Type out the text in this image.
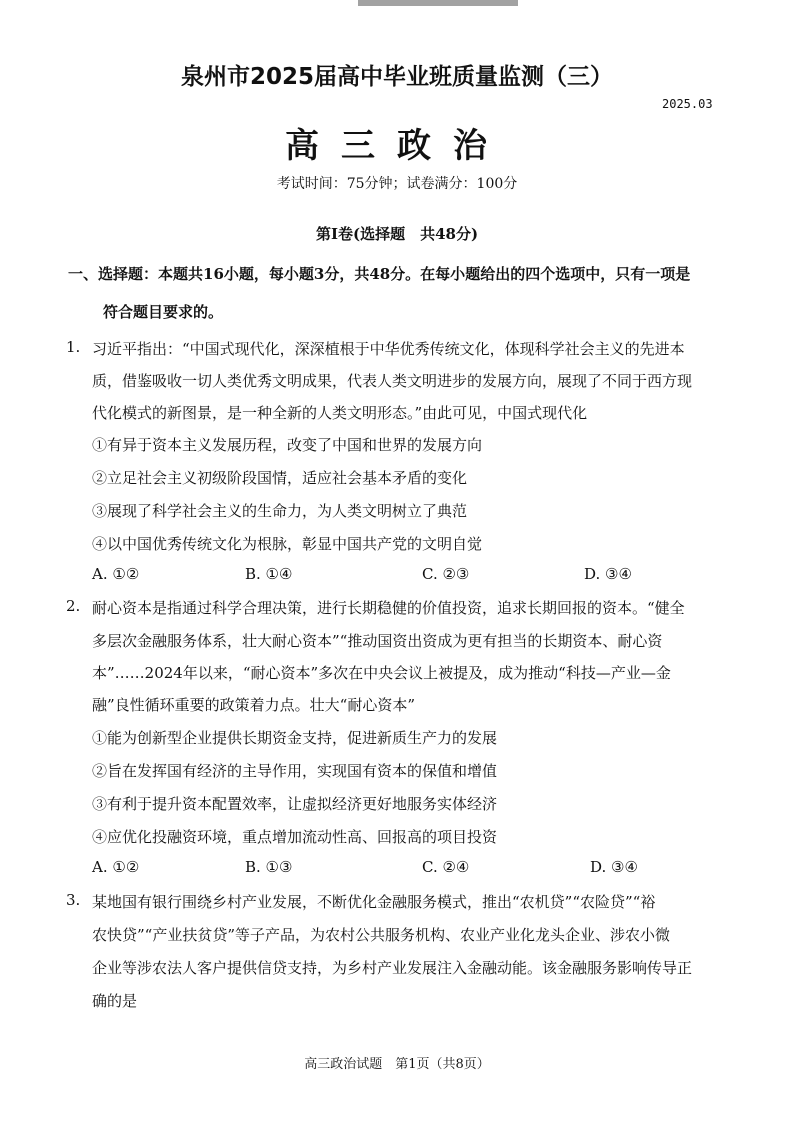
泉州市2025届高中毕业班质量监测（三）
2025.03
高三政治
考试时间：75分钟；试卷满分：100分
第Ⅰ卷(选择题　共48分)
一、选择题：本题共16小题，每小题3分，共48分。在每小题给出的四个选项中，只有一项是
符合题目要求的。
1. 习近平指出：“中国式现代化，深深植根于中华优秀传统文化，体现科学社会主义的先进本
质，借鉴吸收一切人类优秀文明成果，代表人类文明进步的发展方向，展现了不同于西方现
代化模式的新图景，是一种全新的人类文明形态。”由此可见，中国式现代化
①有异于资本主义发展历程，改变了中国和世界的发展方向
②立足社会主义初级阶段国情，适应社会基本矛盾的变化
③展现了科学社会主义的生命力，为人类文明树立了典范
④以中国优秀传统文化为根脉，彰显中国共产党的文明自觉
A. ①②	B. ①④	C. ②③	D. ③④
2. 耐心资本是指通过科学合理决策，进行长期稳健的价值投资，追求长期回报的资本。“健全
多层次金融服务体系，壮大耐心资本”“推动国资出资成为更有担当的长期资本、耐心资
本”……2024年以来，“耐心资本”多次在中央会议上被提及，成为推动“科技—产业—金
融”良性循环重要的政策着力点。壮大“耐心资本”
①能为创新型企业提供长期资金支持，促进新质生产力的发展
②旨在发挥国有经济的主导作用，实现国有资本的保值和增值
③有利于提升资本配置效率，让虚拟经济更好地服务实体经济
④应优化投融资环境，重点增加流动性高、回报高的项目投资
A. ①②	B. ①③	C. ②④	D. ③④
3. 某地国有银行围绕乡村产业发展，不断优化金融服务模式，推出“农机贷”“农险贷”“裕
农快贷”“产业扶贫贷”等子产品，为农村公共服务机构、农业产业化龙头企业、涉农小微
企业等涉农法人客户提供信贷支持，为乡村产业发展注入金融动能。该金融服务影响传导正
确的是
高三政治试题　第1页（共8页）
